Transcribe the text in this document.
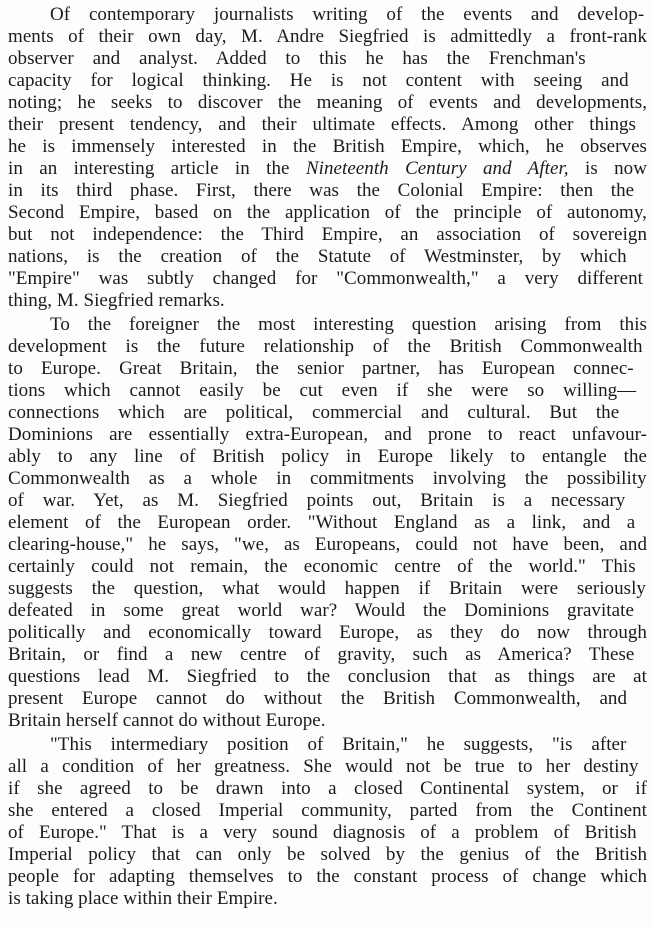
Of contemporary journalists writing of the events and develop-

ments of their own day, M. Andre Siegfried is admittedly a front-rank

observer and analyst. Added to this he has the Frenchman's

capacity for logical thinking. He is not content with seeing and

noting; he seeks to discover the meaning of events and developments,

their present tendency, and their ultimate effects. Among other things

he is immensely interested in the British Empire, which, he observes

in an interesting article in the Nineteenth Century and After, is now

in its third phase. First, there was the Colonial Empire: then the

Second Empire, based on the application of the principle of autonomy,

but not independence: the Third Empire, an association of sovereign

nations, is the creation of the Statute of Westminster, by which

"Empire" was subtly changed for "Commonwealth," a very different

thing, M. Siegfried remarks.

To the foreigner the most interesting question arising from this

development is the future relationship of the British Commonwealth

to Europe. Great Britain, the senior partner, has European connec-

tions which cannot easily be cut even if she were so willing—

connections which are political, commercial and cultural. But the

Dominions are essentially extra-European, and prone to react unfavour-

ably to any line of British policy in Europe likely to entangle the

Commonwealth as a whole in commitments involving the possibility

of war. Yet, as M. Siegfried points out, Britain is a necessary

element of the European order. "Without England as a link, and a

clearing-house," he says, "we, as Europeans, could not have been, and

certainly could not remain, the economic centre of the world." This

suggests the question, what would happen if Britain were seriously

defeated in some great world war? Would the Dominions gravitate

politically and economically toward Europe, as they do now through

Britain, or find a new centre of gravity, such as America? These

questions lead M. Siegfried to the conclusion that as things are at

present Europe cannot do without the British Commonwealth, and

Britain herself cannot do without Europe.

"This intermediary position of Britain," he suggests, "is after

all a condition of her greatness. She would not be true to her destiny

if she agreed to be drawn into a closed Continental system, or if

she entered a closed Imperial community, parted from the Continent

of Europe." That is a very sound diagnosis of a problem of British

Imperial policy that can only be solved by the genius of the British

people for adapting themselves to the constant process of change which

is taking place within their Empire.
